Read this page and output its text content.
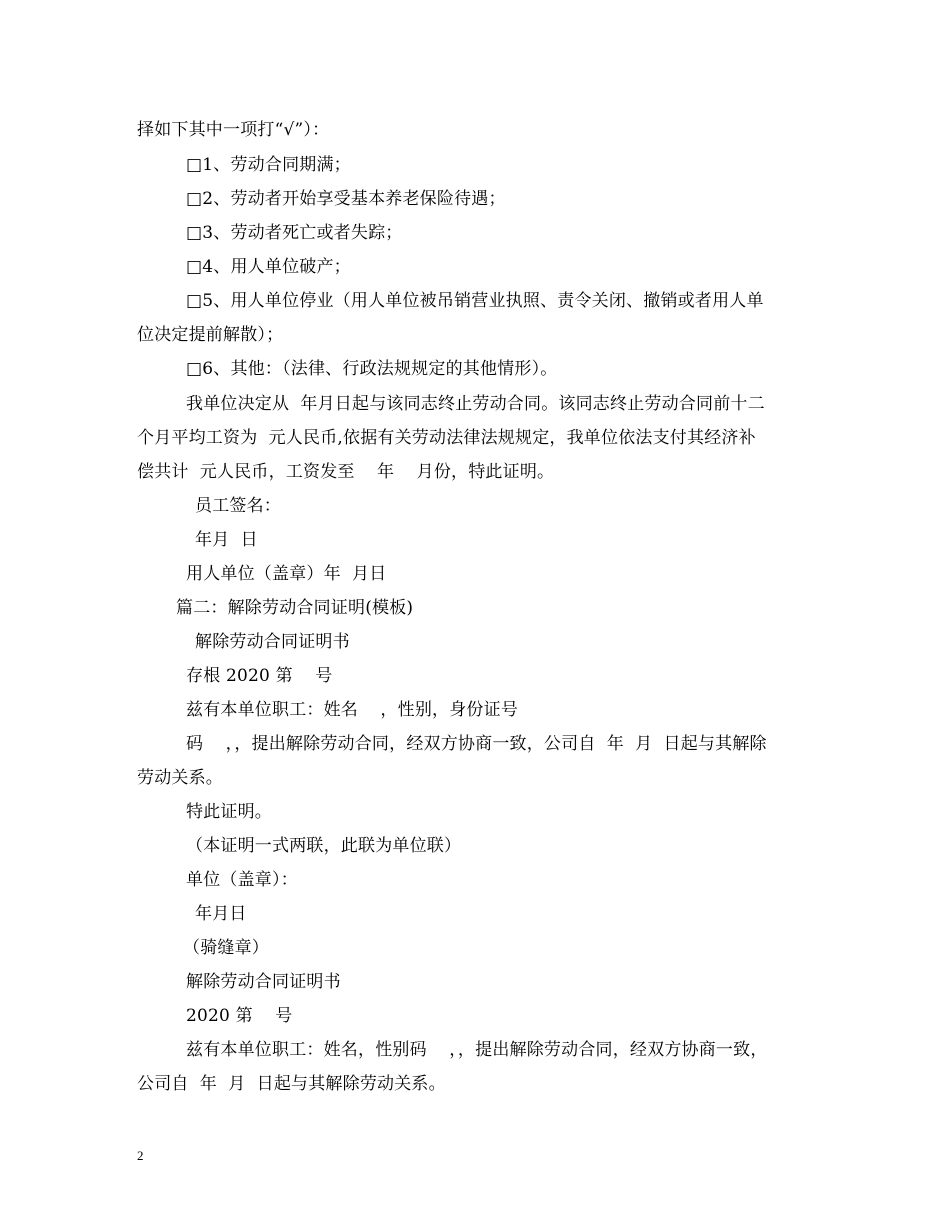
择如下其中一项打“√”）：
□1、劳动合同期满；
□2、劳动者开始享受基本养老保险待遇；
□3、劳动者死亡或者失踪；
□4、用人单位破产；
□5、用人单位停业（用人单位被吊销营业执照、责令关闭、撤销或者用人单
位决定提前解散）；
□6、其他：（法律、行政法规规定的其他情形）。
我单位决定从  年月日起与该同志终止劳动合同。该同志终止劳动合同前十二
个月平均工资为  元人民币,依据有关劳动法律法规规定，我单位依法支付其经济补
偿共计  元人民币，工资发至    年    月份，特此证明。
员工签名：
年月  日
用人单位（盖章）年  月日
篇二：解除劳动合同证明(模板)
解除劳动合同证明书
存根 2020 第    号
兹有本单位职工：姓名    ，性别，身份证号
码    ，，提出解除劳动合同，经双方协商一致，公司自  年  月  日起与其解除
劳动关系。
特此证明。
（本证明一式两联，此联为单位联）
单位（盖章）：
年月日
（骑缝章）
解除劳动合同证明书
2020 第    号
兹有本单位职工：姓名，性别码    ，，提出解除劳动合同，经双方协商一致，
公司自  年  月  日起与其解除劳动关系。
2
